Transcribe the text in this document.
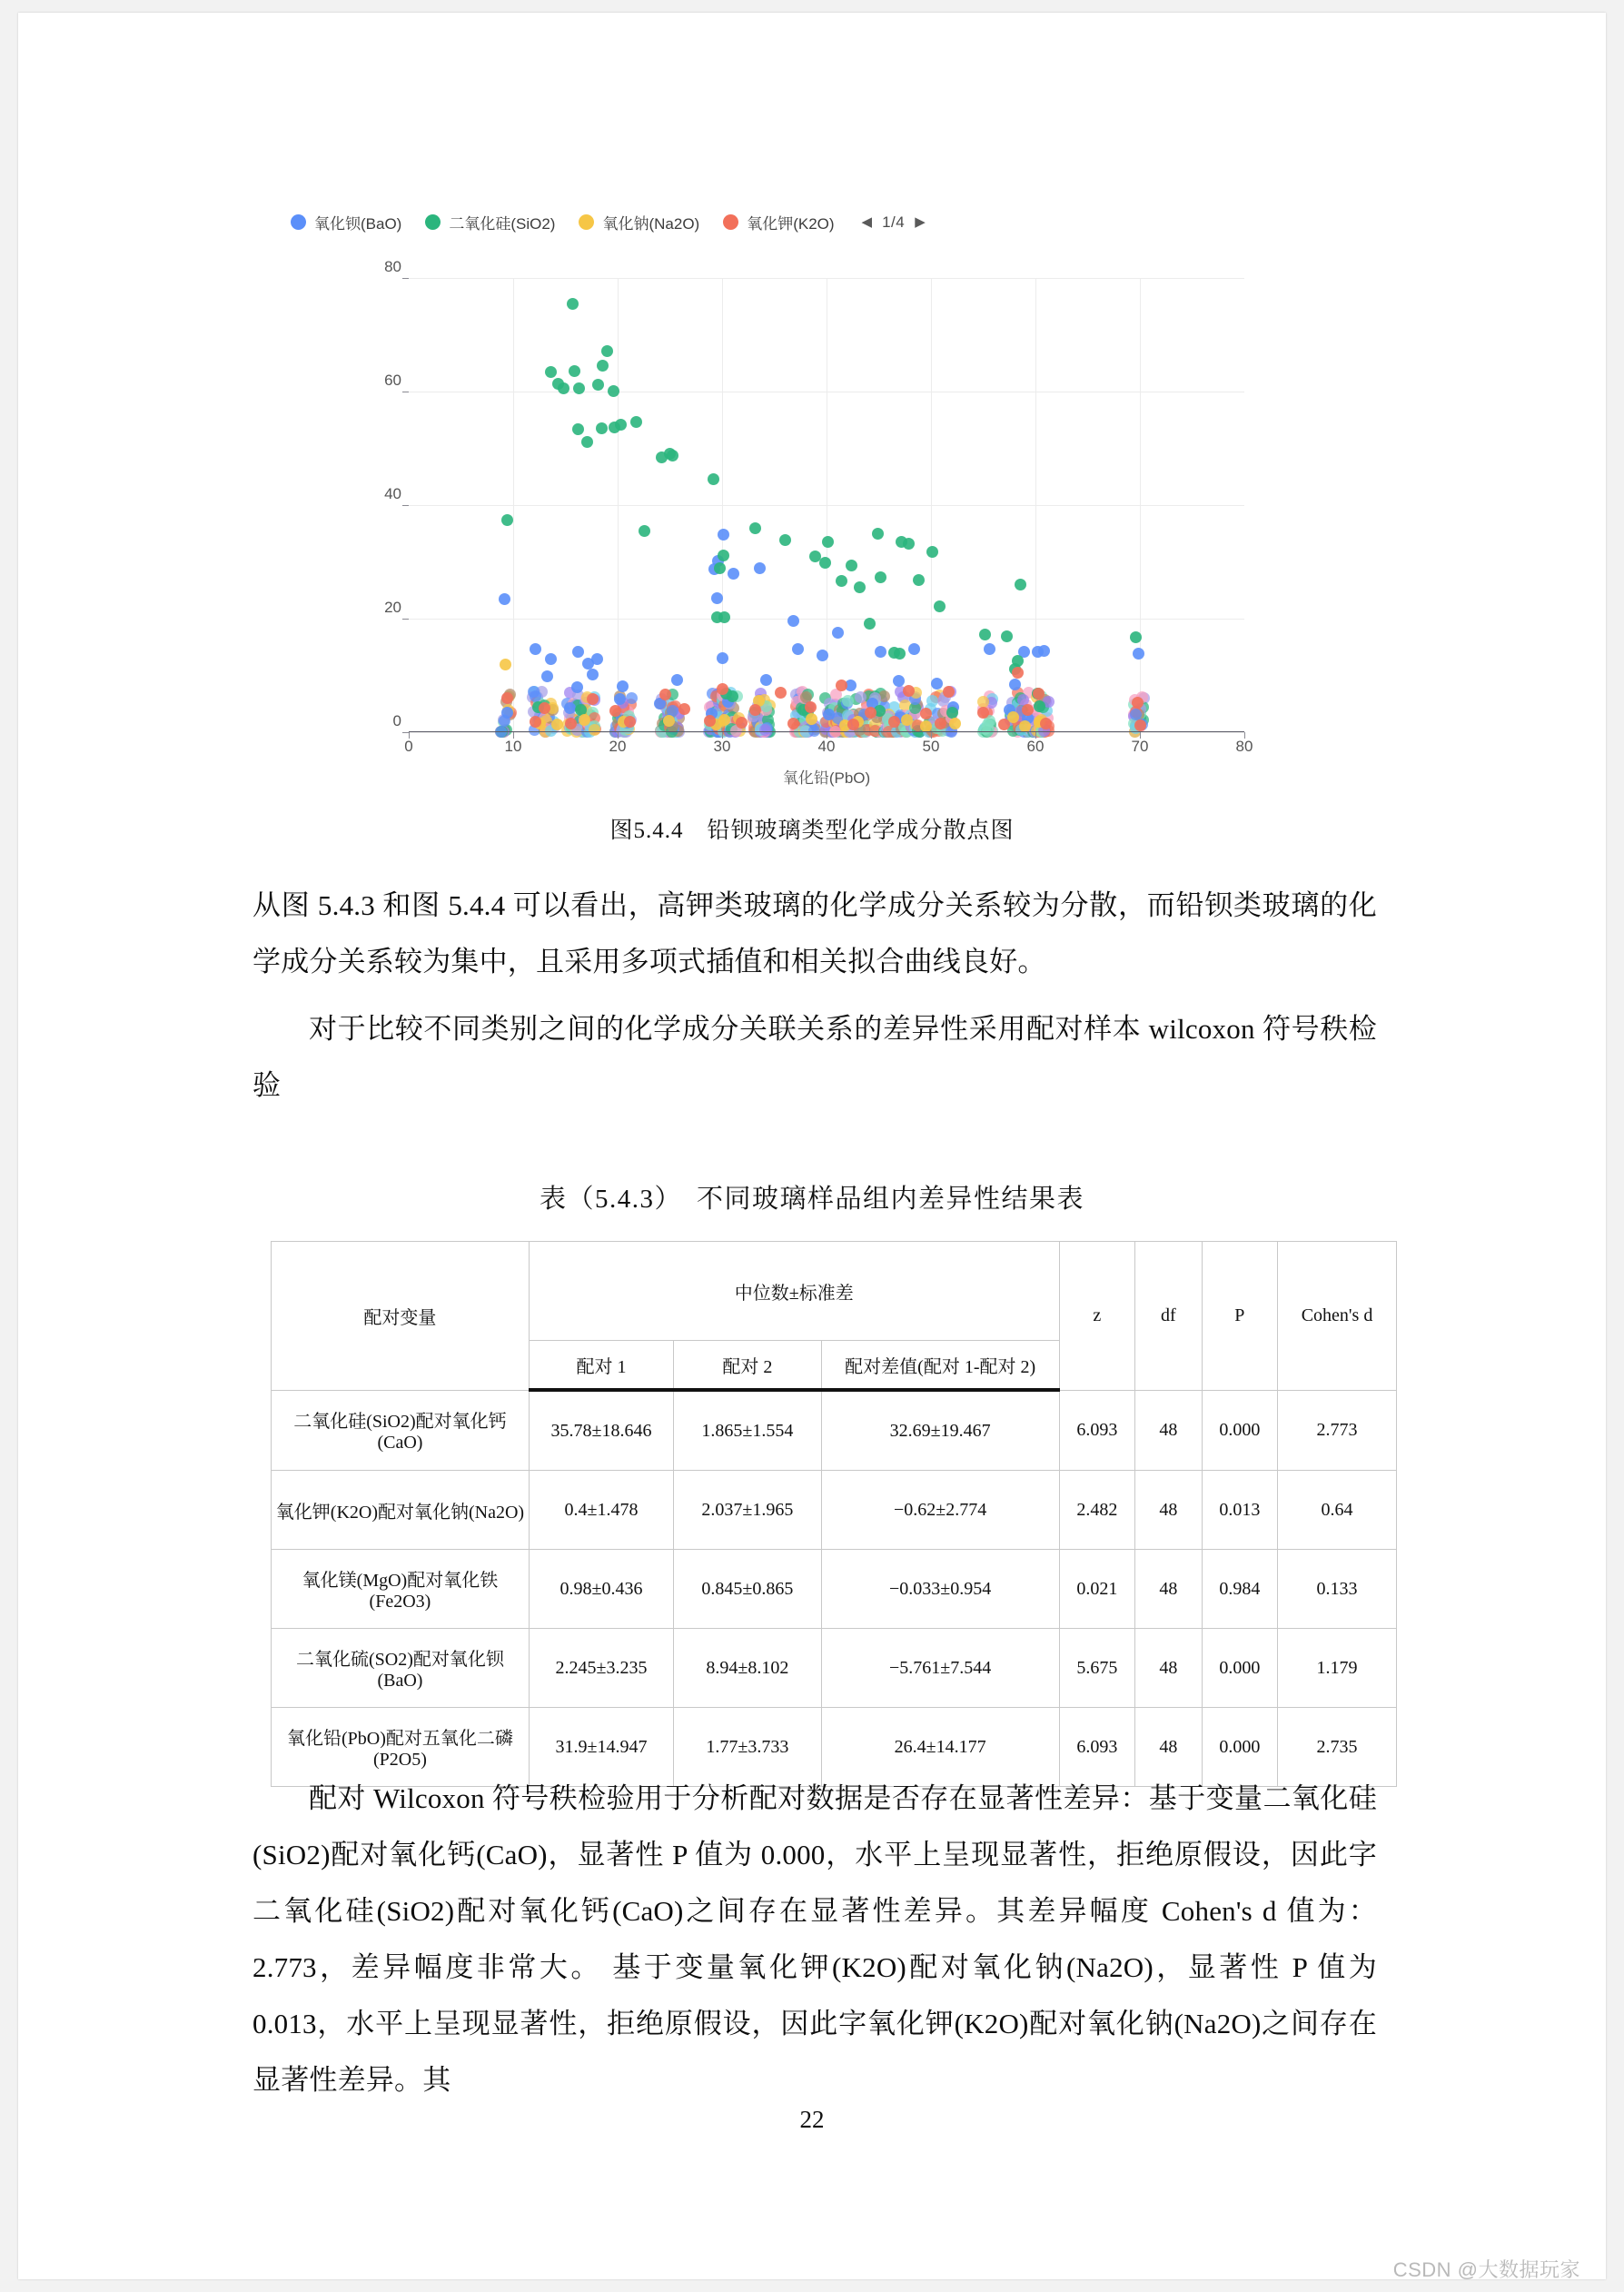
氧化钡(BaO)	二氧化硅(SiO2)	氧化钠(Na2O)	氧化钾(K2O) ◀ 1/4 ▶
0
20
40
60
80
0	10	20	30	40	50	60	70	80
氧化铅(PbO)
图5.4.4　铅钡玻璃类型化学成分散点图
从图 5.4.3 和图 5.4.4 可以看出，高钾类玻璃的化学成分关系较为分散，而铅钡类玻璃的化学成分关系较为集中，且采用多项式插值和相关拟合曲线良好。
对于比较不同类别之间的化学成分关联关系的差异性采用配对样本 wilcoxon 符号秩检验
表（5.4.3）　不同玻璃样品组内差异性结果表
配对变量	中位数±标准差			z	df	P	Cohen's d
	配对 1	配对 2	配对差值(配对 1-配对 2)				
二氧化硅(SiO2)配对氧化钙(CaO)	35.78±18.646	1.865±1.554	32.69±19.467	6.093	48	0.000	2.773
氧化钾(K2O)配对氧化钠(Na2O)	0.4±1.478	2.037±1.965	−0.62±2.774	2.482	48	0.013	0.64
氧化镁(MgO)配对氧化铁(Fe2O3)	0.98±0.436	0.845±0.865	−0.033±0.954	0.021	48	0.984	0.133
二氧化硫(SO2)配对氧化钡(BaO)	2.245±3.235	8.94±8.102	−5.761±7.544	5.675	48	0.000	1.179
氧化铅(PbO)配对五氧化二磷(P2O5)	31.9±14.947	1.77±3.733	26.4±14.177	6.093	48	0.000	2.735
配对 Wilcoxon 符号秩检验用于分析配对数据是否存在显著性差异：基于变量二氧化硅(SiO2)配对氧化钙(CaO)，显著性 P 值为 0.000，水平上呈现显著性，拒绝原假设，因此字二氧化硅(SiO2)配对氧化钙(CaO)之间存在显著性差异。其差异幅度 Cohen's d 值为：2.773，差异幅度非常大。 基于变量氧化钾(K2O)配对氧化钠(Na2O)，显著性 P 值为 0.013，水平上呈现显著性，拒绝原假设，因此字氧化钾(K2O)配对氧化钠(Na2O)之间存在显著性差异。其
22
CSDN @大数据玩家
